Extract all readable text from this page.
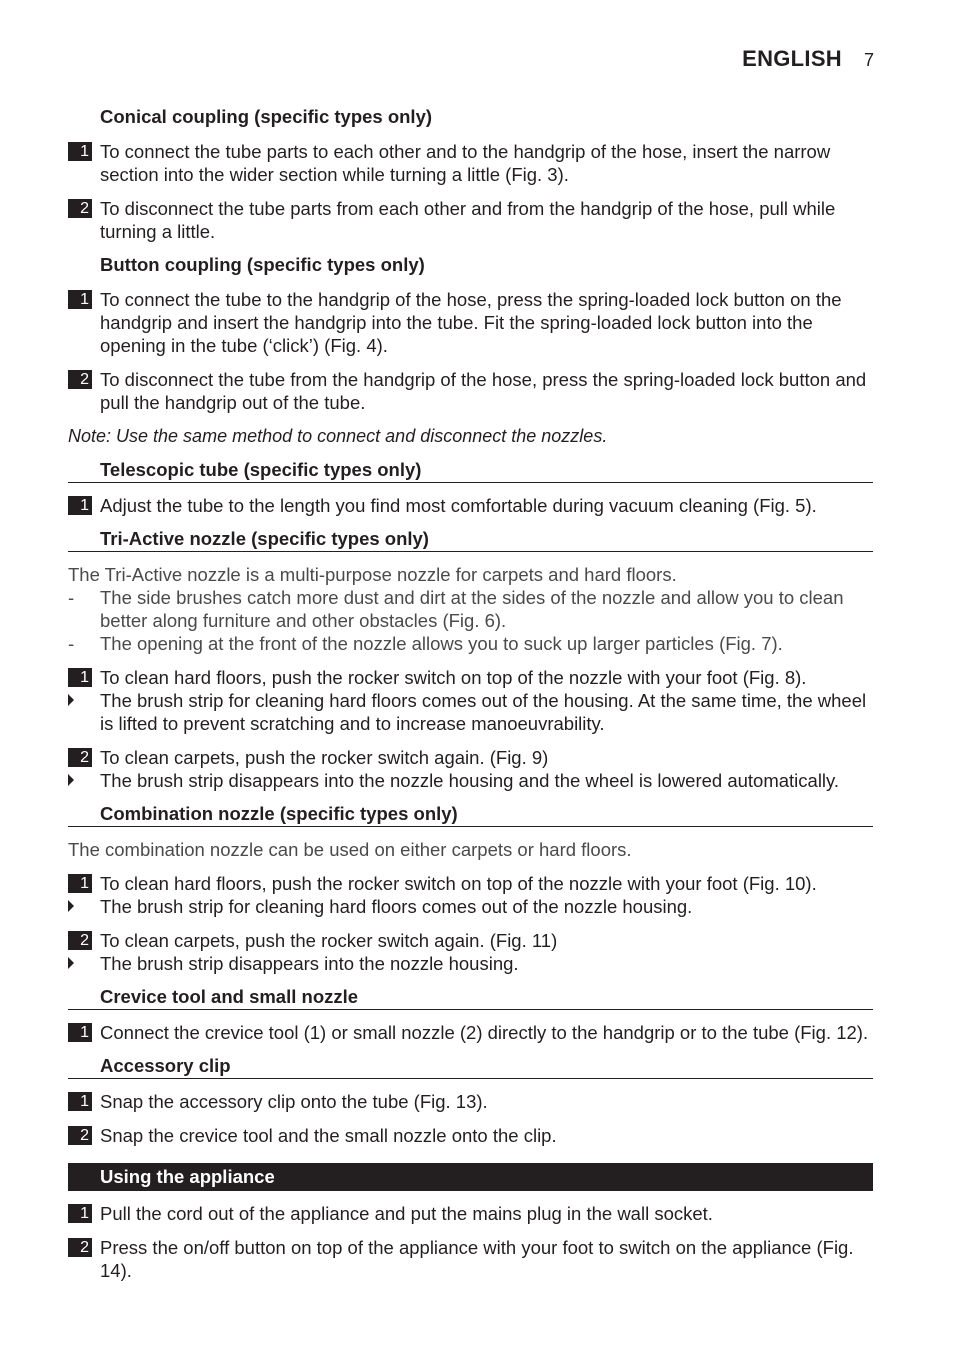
ENGLISH 7
Conical coupling (specific types only)
1 To connect the tube parts to each other and to the handgrip of the hose, insert the narrow section into the wider section while turning a little (Fig. 3).
2 To disconnect the tube parts from each other and from the handgrip of the hose, pull while turning a little.
Button coupling (specific types only)
1 To connect the tube to the handgrip of the hose, press the spring-loaded lock button on the handgrip and insert the handgrip into the tube. Fit the spring-loaded lock button into the opening in the tube (‘click’) (Fig. 4).
2 To disconnect the tube from the handgrip of the hose, press the spring-loaded lock button and pull the handgrip out of the tube.
Note: Use the same method to connect and disconnect the nozzles.
Telescopic tube (specific types only)
1 Adjust the tube to the length you find most comfortable during vacuum cleaning (Fig. 5).
Tri-Active nozzle (specific types only)
The Tri-Active nozzle is a multi-purpose nozzle for carpets and hard floors.
- The side brushes catch more dust and dirt at the sides of the nozzle and allow you to clean better along furniture and other obstacles (Fig. 6).
- The opening at the front of the nozzle allows you to suck up larger particles (Fig. 7).
1 To clean hard floors, push the rocker switch on top of the nozzle with your foot (Fig. 8).
The brush strip for cleaning hard floors comes out of the housing. At the same time, the wheel is lifted to prevent scratching and to increase manoeuvrability.
2 To clean carpets, push the rocker switch again. (Fig. 9)
The brush strip disappears into the nozzle housing and the wheel is lowered automatically.
Combination nozzle (specific types only)
The combination nozzle can be used on either carpets or hard floors.
1 To clean hard floors, push the rocker switch on top of the nozzle with your foot (Fig. 10).
The brush strip for cleaning hard floors comes out of the nozzle housing.
2 To clean carpets, push the rocker switch again. (Fig. 11)
The brush strip disappears into the nozzle housing.
Crevice tool and small nozzle
1 Connect the crevice tool (1) or small nozzle (2) directly to the handgrip or to the tube (Fig. 12).
Accessory clip
1 Snap the accessory clip onto the tube (Fig. 13).
2 Snap the crevice tool and the small nozzle onto the clip.
Using the appliance
1 Pull the cord out of the appliance and put the mains plug in the wall socket.
2 Press the on/off button on top of the appliance with your foot to switch on the appliance (Fig. 14).
